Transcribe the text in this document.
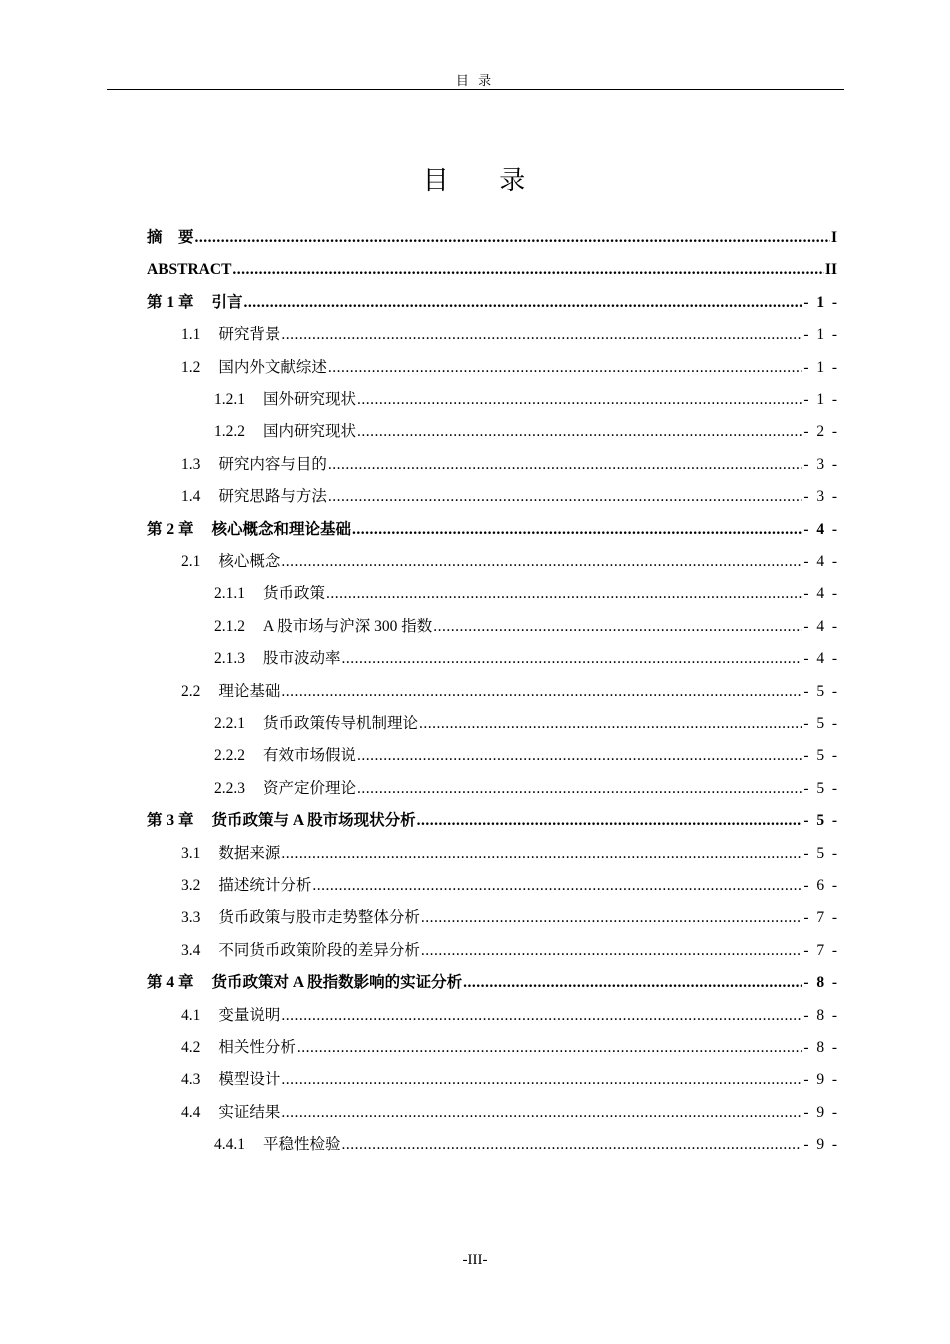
目 录
目 录
摘　要 .....	I
ABSTRACT .....	II
第 1 章 引言 .....	-  1  -
1.1 研究背景 .....	-  1  -
1.2 国内外文献综述 .....	-  1  -
1.2.1 国外研究现状 .....	-  1  -
1.2.2 国内研究现状 .....	-  2  -
1.3 研究内容与目的 .....	-  3  -
1.4 研究思路与方法 .....	-  3  -
第 2 章 核心概念和理论基础 .....	-  4  -
2.1 核心概念 .....	-  4  -
2.1.1 货币政策 .....	-  4  -
2.1.2 A 股市场与沪深 300 指数 .....	-  4  -
2.1.3 股市波动率 .....	-  4  -
2.2 理论基础 .....	-  5  -
2.2.1 货币政策传导机制理论 .....	-  5  -
2.2.2 有效市场假说 .....	-  5  -
2.2.3 资产定价理论 .....	-  5  -
第 3 章 货币政策与 A 股市场现状分析 .....	-  5  -
3.1 数据来源 .....	-  5  -
3.2 描述统计分析 .....	-  6  -
3.3 货币政策与股市走势整体分析 .....	-  7  -
3.4 不同货币政策阶段的差异分析 .....	-  7  -
第 4 章 货币政策对 A 股指数影响的实证分析 .....	-  8  -
4.1 变量说明 .....	-  8  -
4.2 相关性分析 .....	-  8  -
4.3 模型设计 .....	-  9  -
4.4 实证结果 .....	-  9  -
4.4.1 平稳性检验 .....	-  9  -
-III-
